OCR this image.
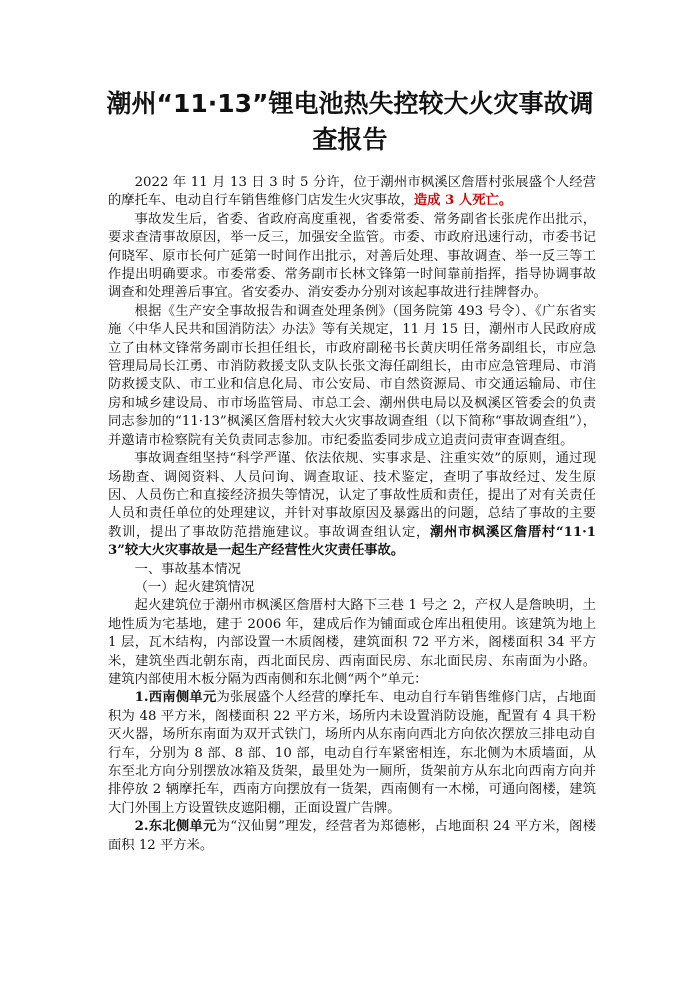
潮州“11·13”锂电池热失控较大火灾事故调查报告

2022 年 11 月 13 日 3 时 5 分许，位于潮州市枫溪区詹厝村张展盛个人经营的摩托车、电动自行车销售维修门店发生火灾事故，造成 3 人死亡。

事故发生后，省委、省政府高度重视，省委常委、常务副省长张虎作出批示，要求查清事故原因，举一反三，加强安全监管。市委、市政府迅速行动，市委书记何晓军、原市长何广延第一时间作出批示，对善后处理、事故调查、举一反三等工作提出明确要求。市委常委、常务副市长林文锋第一时间靠前指挥，指导协调事故调查和处理善后事宜。省安委办、消安委办分别对该起事故进行挂牌督办。

根据《生产安全事故报告和调查处理条例》（国务院第 493 号令）、《广东省实施〈中华人民共和国消防法〉办法》等有关规定，11 月 15 日，潮州市人民政府成立了由林文锋常务副市长担任组长，市政府副秘书长黄庆明任常务副组长，市应急管理局局长江勇、市消防救援支队支队长张文海任副组长，由市应急管理局、市消防救援支队、市工业和信息化局、市公安局、市自然资源局、市交通运输局、市住房和城乡建设局、市市场监管局、市总工会、潮州供电局以及枫溪区管委会的负责同志参加的“11·13”枫溪区詹厝村较大火灾事故调查组（以下简称“事故调查组”），并邀请市检察院有关负责同志参加。市纪委监委同步成立追责问责审查调查组。

事故调查组坚持“科学严谨、依法依规、实事求是、注重实效”的原则，通过现场勘查、调阅资料、人员问询、调查取证、技术鉴定，查明了事故经过、发生原因、人员伤亡和直接经济损失等情况，认定了事故性质和责任，提出了对有关责任人员和责任单位的处理建议，并针对事故原因及暴露出的问题，总结了事故的主要教训，提出了事故防范措施建议。事故调查组认定，潮州市枫溪区詹厝村“11·13”较大火灾事故是一起生产经营性火灾责任事故。

一、事故基本情况

（一）起火建筑情况

起火建筑位于潮州市枫溪区詹厝村大路下三巷 1 号之 2，产权人是詹映明，土地性质为宅基地，建于 2006 年，建成后作为铺面或仓库出租使用。该建筑为地上 1 层，瓦木结构，内部设置一木质阁楼，建筑面积 72 平方米，阁楼面积 34 平方米，建筑坐西北朝东南，西北面民房、西南面民房、东北面民房、东南面为小路。建筑内部使用木板分隔为西南侧和东北侧“两个”单元：

1.西南侧单元为张展盛个人经营的摩托车、电动自行车销售维修门店，占地面积为 48 平方米，阁楼面积 22 平方米，场所内未设置消防设施，配置有 4 具干粉灭火器，场所东南面为双开式铁门，场所内从东南向西北方向依次摆放三排电动自行车，分别为 8 部、8 部、10 部，电动自行车紧密相连，东北侧为木质墙面，从东至北方向分别摆放冰箱及货架，最里处为一厕所，货架前方从东北向西南方向并排停放 2 辆摩托车，西南方向摆放有一货架，西南侧有一木梯，可通向阁楼，建筑大门外围上方设置铁皮遮阳棚，正面设置广告牌。

2.东北侧单元为“汉仙舅”理发，经营者为郑德彬，占地面积 24 平方米，阁楼面积 12 平方米。
